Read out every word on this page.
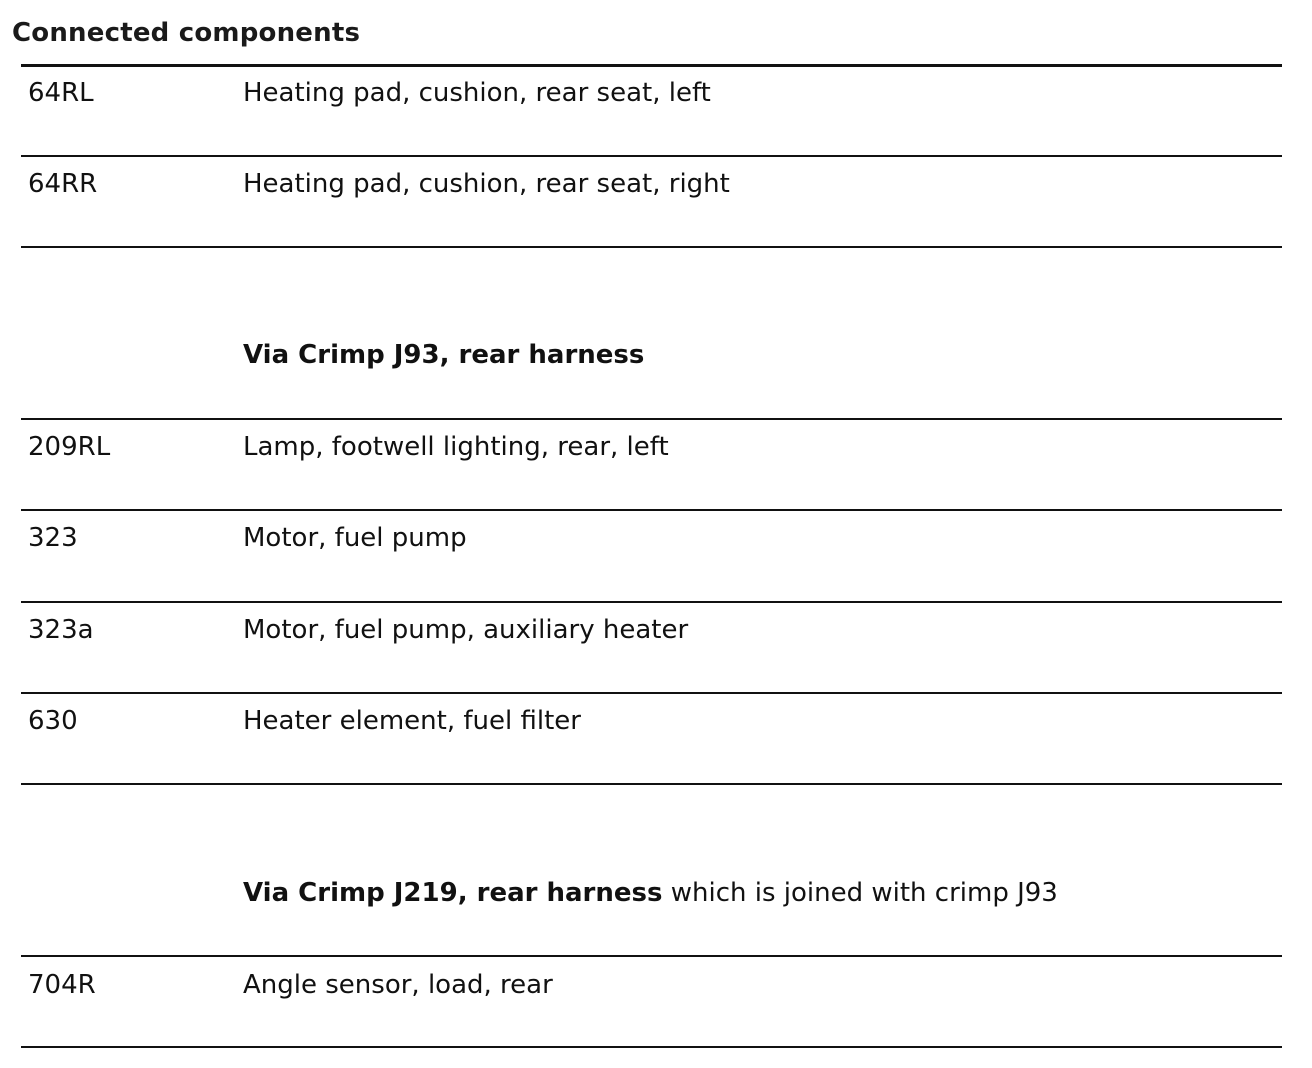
Connected components
64RL	Heating pad, cushion, rear seat, left
64RR	Heating pad, cushion, rear seat, right
Via Crimp J93, rear harness
209RL	Lamp, footwell lighting, rear, left
323	Motor, fuel pump
323a	Motor, fuel pump, auxiliary heater
630	Heater element, fuel filter
Via Crimp J219, rear harness which is joined with crimp J93
704R	Angle sensor, load, rear
